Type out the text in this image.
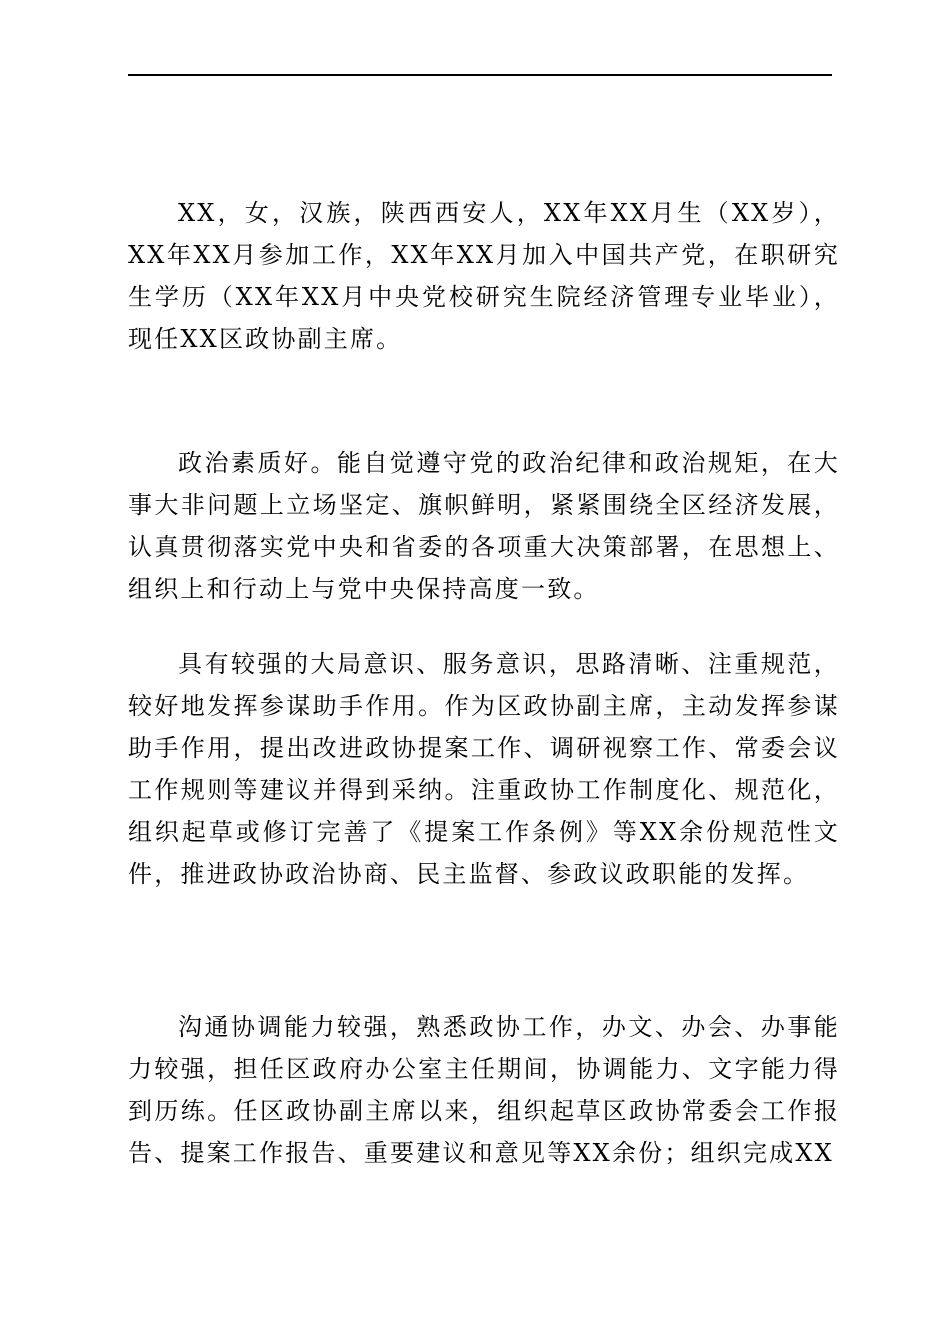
XX，女，汉族，陕西西安人，XX年XX月生（XX岁），XX年XX月参加工作，XX年XX月加入中国共产党，在职研究生学历（XX年XX月中央党校研究生院经济管理专业毕业），现任XX区政协副主席。

政治素质好。能自觉遵守党的政治纪律和政治规矩，在大事大非问题上立场坚定、旗帜鲜明，紧紧围绕全区经济发展，认真贯彻落实党中央和省委的各项重大决策部署，在思想上、组织上和行动上与党中央保持高度一致。

具有较强的大局意识、服务意识，思路清晰、注重规范，较好地发挥参谋助手作用。作为区政协副主席，主动发挥参谋助手作用，提出改进政协提案工作、调研视察工作、常委会议工作规则等建议并得到采纳。注重政协工作制度化、规范化，组织起草或修订完善了《提案工作条例》等XX余份规范性文件，推进政协政治协商、民主监督、参政议政职能的发挥。

沟通协调能力较强，熟悉政协工作，办文、办会、办事能力较强，担任区政府办公室主任期间，协调能力、文字能力得到历练。任区政协副主席以来，组织起草区政协常委会工作报告、提案工作报告、重要建议和意见等XX余份；组织完成XX
